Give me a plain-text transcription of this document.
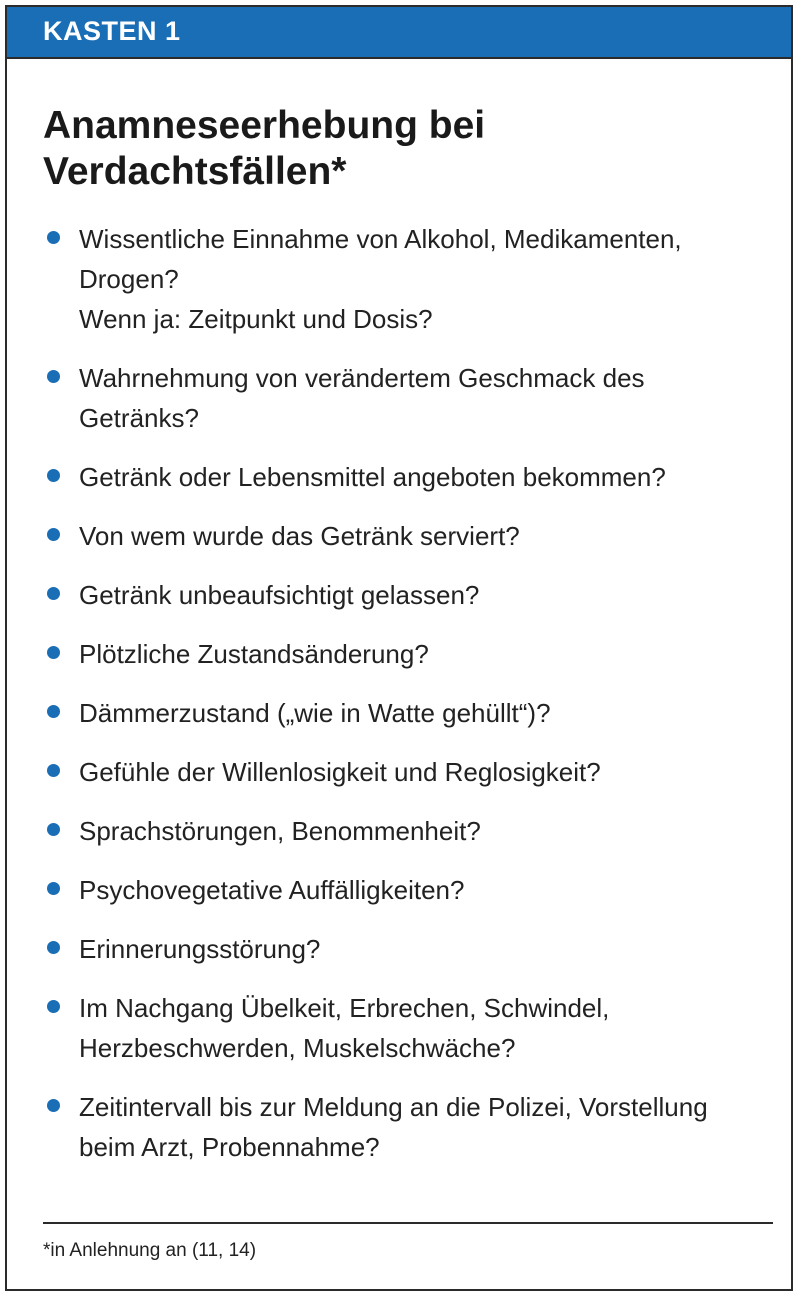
KASTEN 1
Anamneseerhebung bei Verdachtsfällen*
Wissentliche Einnahme von Alkohol, Medikamenten, Drogen?
Wenn ja: Zeitpunkt und Dosis?
Wahrnehmung von verändertem Geschmack des Getränks?
Getränk oder Lebensmittel angeboten bekommen?
Von wem wurde das Getränk serviert?
Getränk unbeaufsichtigt gelassen?
Plötzliche Zustandsänderung?
Dämmerzustand („wie in Watte gehüllt“)?
Gefühle der Willenlosigkeit und Reglosigkeit?
Sprachstörungen, Benommenheit?
Psychovegetative Auffälligkeiten?
Erinnerungsstörung?
Im Nachgang Übelkeit, Erbrechen, Schwindel, Herzbeschwerden, Muskelschwäche?
Zeitintervall bis zur Meldung an die Polizei, Vorstellung beim Arzt, Probennahme?
*in Anlehnung an (11, 14)
